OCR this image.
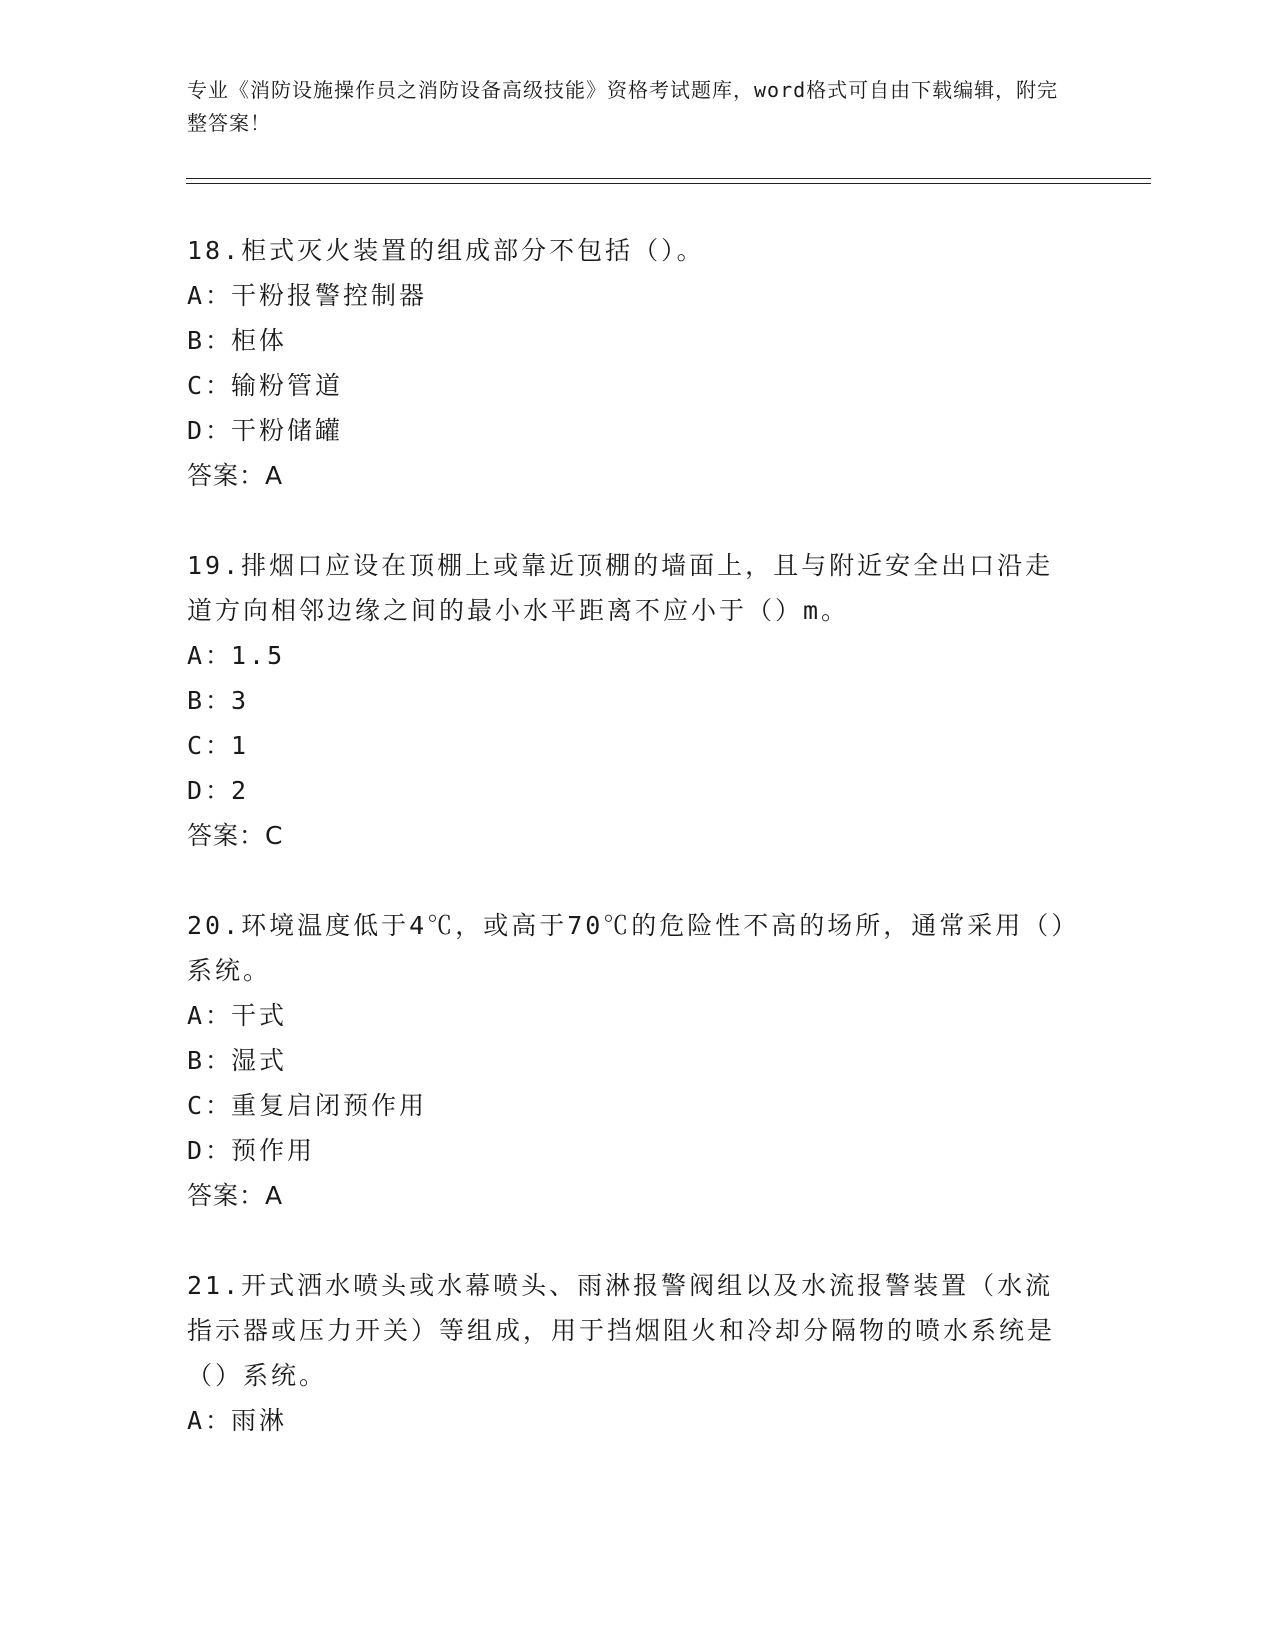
专业《消防设施操作员之消防设备高级技能》资格考试题库，word格式可自由下载编辑，附完整答案！

18.柜式灭火装置的组成部分不包括（）。

A：干粉报警控制器
B：柜体
C：输粉管道
D：干粉储罐
答案：A

19.排烟口应设在顶棚上或靠近顶棚的墙面上，且与附近安全出口沿走道方向相邻边缘之间的最小水平距离不应小于（）m。

A：1.5
B：3
C：1
D：2
答案：C

20.环境温度低于4℃，或高于70℃的危险性不高的场所，通常采用（）系统。

A：干式
B：湿式
C：重复启闭预作用
D：预作用
答案：A

21.开式洒水喷头或水幕喷头、雨淋报警阀组以及水流报警装置（水流指示器或压力开关）等组成，用于挡烟阻火和冷却分隔物的喷水系统是（）系统。

A：雨淋
